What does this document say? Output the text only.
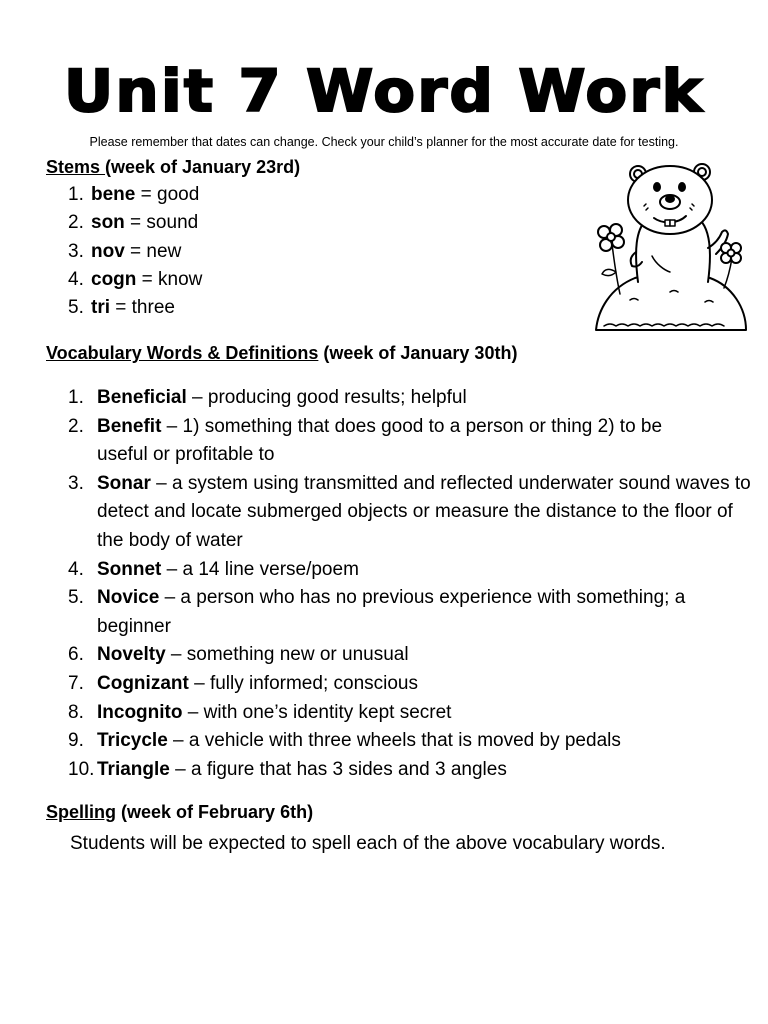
Unit 7 Word Work
Please remember that dates can change. Check your child’s planner for the most accurate date for testing.
Stems (week of January 23rd)
1. bene = good
2. son = sound
3. nov = new
4. cogn = know
5. tri = three
Vocabulary Words & Definitions (week of January 30th)
1. Beneficial – producing good results; helpful
2. Benefit – 1) something that does good to a person or thing 2) to be useful or profitable to
3. Sonar – a system using transmitted and reflected underwater sound waves to detect and locate submerged objects or measure the distance to the floor of the body of water
4. Sonnet – a 14 line verse/poem
5. Novice – a person who has no previous experience with something; a beginner
6. Novelty – something new or unusual
7. Cognizant – fully informed; conscious
8. Incognito – with one’s identity kept secret
9. Tricycle – a vehicle with three wheels that is moved by pedals
10. Triangle – a figure that has 3 sides and 3 angles
Spelling (week of February 6th)
Students will be expected to spell each of the above vocabulary words.
